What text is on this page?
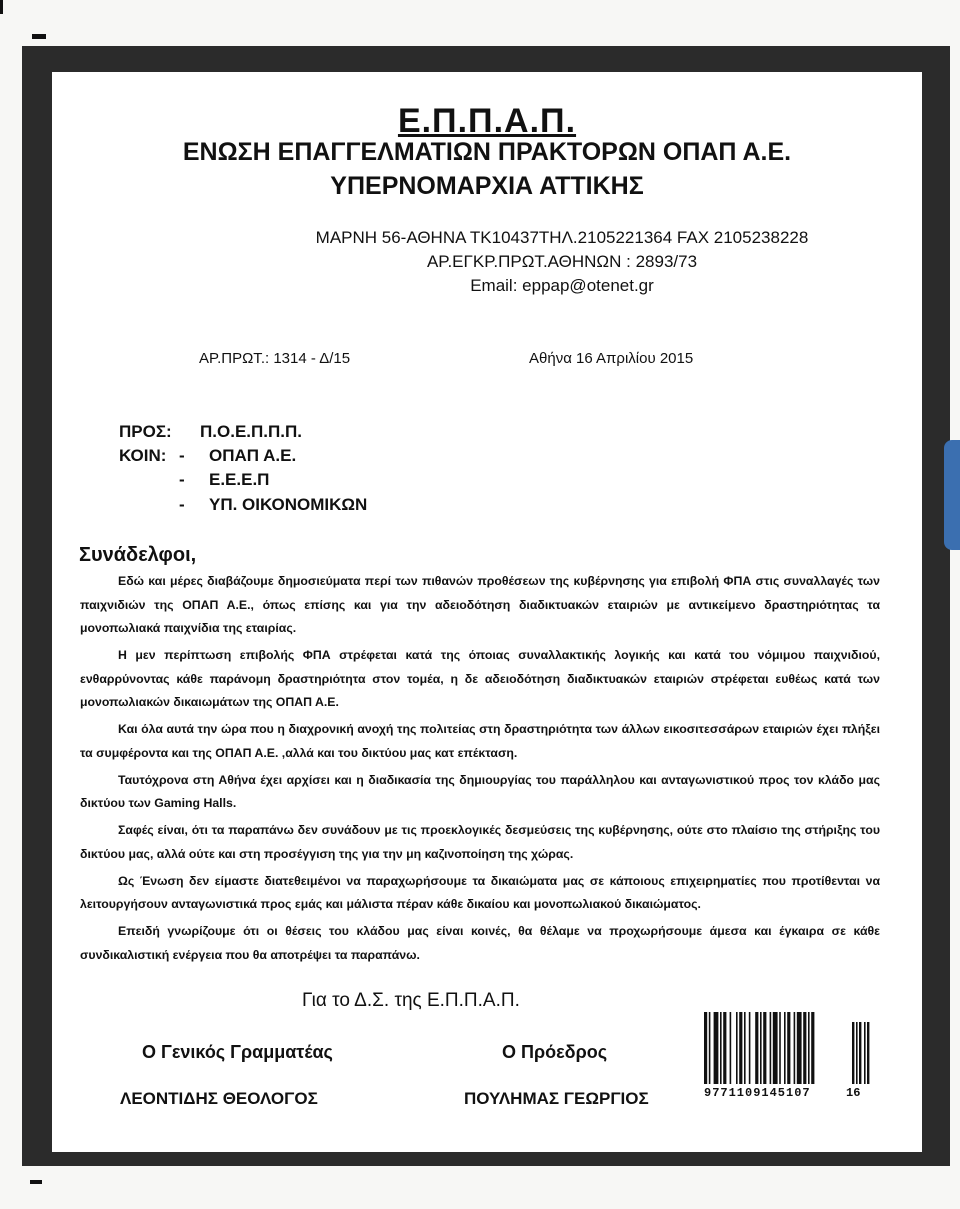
Ε.Π.Π.Α.Π.
ΕΝΩΣΗ ΕΠΑΓΓΕΛΜΑΤΙΩΝ ΠΡΑΚΤΟΡΩΝ ΟΠΑΠ Α.Ε.
ΥΠΕΡΝΟΜΑΡΧΙΑ ΑΤΤΙΚΗΣ
ΜΑΡΝΗ 56-ΑΘΗΝΑ ΤΚ10437ΤΗΛ.2105221364 FAX 2105238228
ΑΡ.ΕΓΚΡ.ΠΡΩΤ.ΑΘΗΝΩΝ : 2893/73
Email: eppap@otenet.gr
ΑΡ.ΠΡΩΤ.: 1314 - Δ/15	Αθήνα 16 Απριλίου 2015
ΠΡΟΣ: Π.Ο.Ε.Π.Π.Π.
ΚΟΙΝ: - ΟΠΑΠ Α.Ε.
- Ε.Ε.Ε.Π
- ΥΠ. ΟΙΚΟΝΟΜΙΚΩΝ
Συνάδελφοι,

Εδώ και μέρες διαβάζουμε δημοσιεύματα περί των πιθανών προθέσεων της κυβέρνησης για επιβολή ΦΠΑ στις συναλλαγές των παιχνιδιών της ΟΠΑΠ Α.Ε., όπως επίσης και για την αδειοδότηση διαδικτυακών εταιριών με αντικείμενο δραστηριότητας τα μονοπωλιακά παιχνίδια της εταιρίας.

Η μεν περίπτωση επιβολής ΦΠΑ στρέφεται κατά της όποιας συναλλακτικής λογικής και κατά του νόμιμου παιχνιδιού, ενθαρρύνοντας κάθε παράνομη δραστηριότητα στον τομέα, η δε αδειοδότηση διαδικτυακών εταιριών στρέφεται ευθέως κατά των μονοπωλιακών δικαιωμάτων της ΟΠΑΠ Α.Ε.

Και όλα αυτά την ώρα που η διαχρονική ανοχή της πολιτείας στη δραστηριότητα των άλλων εικοσιτεσσάρων εταιριών έχει πλήξει τα συμφέροντα και της ΟΠΑΠ Α.Ε. ,αλλά και του δικτύου μας κατ επέκταση.

Ταυτόχρονα στη Αθήνα έχει αρχίσει και η διαδικασία της δημιουργίας του παράλληλου και ανταγωνιστικού προς τον κλάδο μας δικτύου των Gaming Halls.

Σαφές είναι, ότι τα παραπάνω δεν συνάδουν με τις προεκλογικές δεσμεύσεις της κυβέρνησης, ούτε στο πλαίσιο της στήριξης του δικτύου μας, αλλά ούτε και στη προσέγγιση της για την μη καζινοποίηση της χώρας.

Ως Ένωση δεν είμαστε διατεθειμένοι να παραχωρήσουμε τα δικαιώματα μας σε κάποιους επιχειρηματίες που προτίθενται να λειτουργήσουν ανταγωνιστικά προς εμάς και μάλιστα πέραν κάθε δικαίου και μονοπωλιακού δικαιώματος.

Επειδή γνωρίζουμε ότι οι θέσεις του κλάδου μας είναι κοινές, θα θέλαμε να προχωρήσουμε άμεσα και έγκαιρα σε κάθε συνδικαλιστική ενέργεια που θα αποτρέψει τα παραπάνω.

Για το Δ.Σ. της Ε.Π.Π.Α.Π.
Ο Γενικός Γραμματέας	Ο Πρόεδρος
ΛΕΟΝΤΙΔΗΣ ΘΕΟΛΟΓΟΣ	ΠΟΥΛΗΜΑΣ ΓΕΩΡΓΙΟΣ	9771109145107	16
